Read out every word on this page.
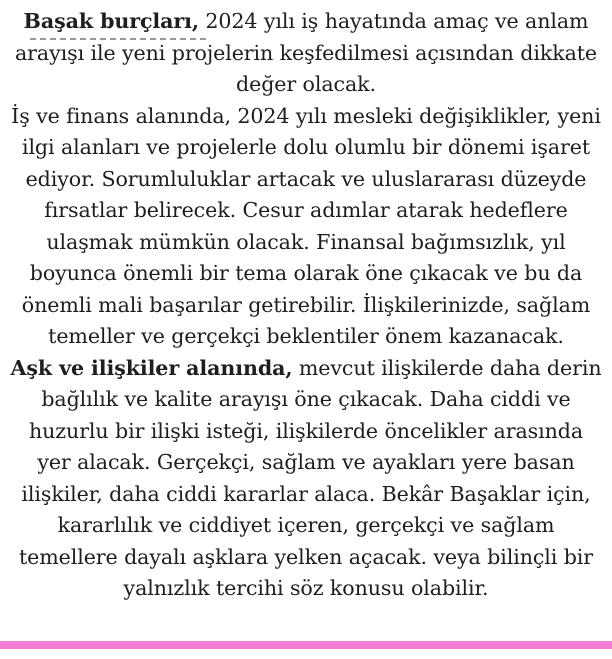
Başak burçları, 2024 yılı iş hayatında amaç ve anlam arayışı ile yeni projelerin keşfedilmesi açısından dikkate değer olacak.

İş ve finans alanında, 2024 yılı mesleki değişiklikler, yeni ilgi alanları ve projelerle dolu olumlu bir dönemi işaret ediyor. Sorumluluklar artacak ve uluslararası düzeyde fırsatlar belirecek. Cesur adımlar atarak hedeflere ulaşmak mümkün olacak. Finansal bağımsızlık, yıl boyunca önemli bir tema olarak öne çıkacak ve bu da önemli mali başarılar getirebilir. İlişkilerinizde, sağlam temeller ve gerçekçi beklentiler önem kazanacak.

Aşk ve ilişkiler alanında, mevcut ilişkilerde daha derin bağlılık ve kalite arayışı öne çıkacak. Daha ciddi ve huzurlu bir ilişki isteği, ilişkilerde öncelikler arasında yer alacak. Gerçekçi, sağlam ve ayakları yere basan ilişkiler, daha ciddi kararlar alaca. Bekâr Başaklar için, kararlılık ve ciddiyet içeren, gerçekçi ve sağlam temellere dayalı aşklara yelken açacak. veya bilinçli bir yalnızlık tercihi söz konusu olabilir.
